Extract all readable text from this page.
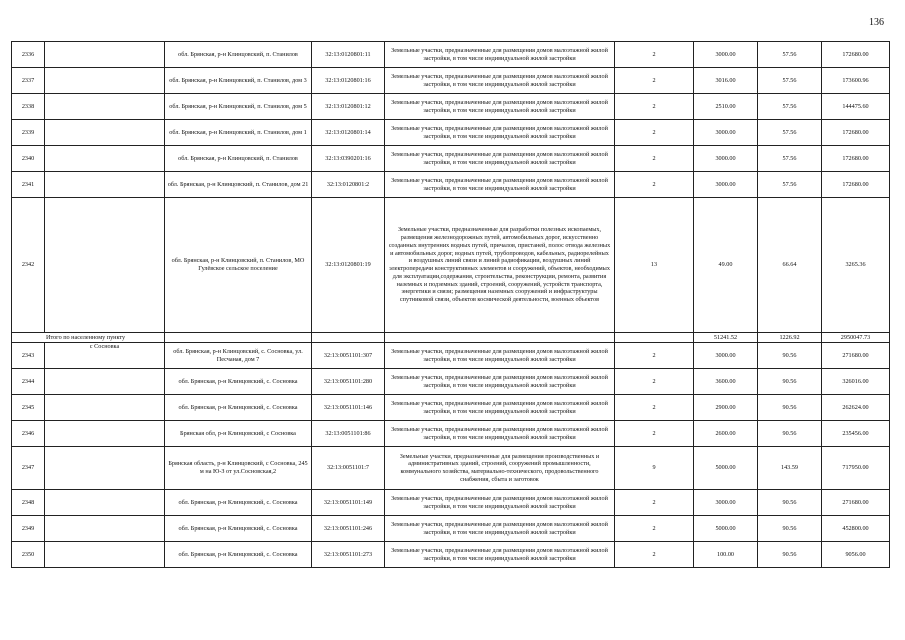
136
2336		обл. Брянская, р-н Клинцовский, п. Станилов	32:13:0120801:11	Земельные участки, предназначенные для размещения домов малоэтажной жилой застройки, в том числе индивидуальной жилой застройки	2	3000.00	57.56	172680.00
2337		обл. Брянская, р-н Клинцовский, п. Станилов, дом 3	32:13:0120801:16	Земельные участки, предназначенные для размещения домов малоэтажной жилой застройки, в том числе индивидуальной жилой застройки	2	3016.00	57.56	173600.96
2338		обл. Брянская, р-н Клинцовский, п. Станилов, дом 5	32:13:0120801:12	Земельные участки, предназначенные для размещения домов малоэтажной жилой застройки, в том числе индивидуальной жилой застройки	2	2510.00	57.56	144475.60
2339		обл. Брянская, р-н Клинцовский, п. Станилов, дом 1	32:13:0120801:14	Земельные участки, предназначенные для размещения домов малоэтажной жилой застройки, в том числе индивидуальной жилой застройки	2	3000.00	57.56	172680.00
2340		обл. Брянская, р-н Клинцовский, п. Станилов	32:13:0390201:16	Земельные участки, предназначенные для размещения домов малоэтажной жилой застройки, в том числе индивидуальной жилой застройки	2	3000.00	57.56	172680.00
2341		обл. Брянская, р-н Клинцовский, п. Станилов, дом 21	32:13:0120801:2	Земельные участки, предназначенные для размещения домов малоэтажной жилой застройки, в том числе индивидуальной жилой застройки	2	3000.00	57.56	172680.00
2342		обл. Брянская, р-н Клинцовский, п. Станилов, МО Гулёвское сельское поселение	32:13:0120801:19	Земельные участки, предназначенные для разработки полезных ископаемых, размещения железнодорожных путей, автомобильных дорог, искусственно созданных внутренних водных путей, причалов, пристаней, полос отвода железных и автомобильных дорог, водных путей, трубопроводов, кабельных, радиорелейных и воздушных линий связи и линий радиофикации, воздушных линий электропередачи конструктивных элементов и сооружений, объектов, необходимых для эксплуатации,содержания, строительства, реконструкции, ремонта, развития наземных и подземных зданий, строений, сооружений, устройств транспорта, энергетики и связи; размещения наземных сооружений и инфраструктуры спутниковой связи, объектов космической деятельности, военных объектов	13	49.00	66.64	3265.36
Итого по населенному пункту						51241.52	1226.92	2950047.73
2343	с Сосновка	обл. Брянская, р-н Клинцовский, с. Сосновка, ул. Песчаная, дом 7	32:13:0051101:307	Земельные участки, предназначенные для размещения домов малоэтажной жилой застройки, в том числе индивидуальной жилой застройки	2	3000.00	90.56	271680.00
2344		обл. Брянская, р-н Клинцовский, с. Сосновка	32:13:0051101:280	Земельные участки, предназначенные для размещения домов малоэтажной жилой застройки, в том числе индивидуальной жилой застройки	2	3600.00	90.56	326016.00
2345		обл. Брянская, р-н Клинцовский, с. Сосновка	32:13:0051101:146	Земельные участки, предназначенные для размещения домов малоэтажной жилой застройки, в том числе индивидуальной жилой застройки	2	2900.00	90.56	262624.00
2346		Брянская обл, р-н Клинцовский, с Сосновка	32:13:0051101:86	Земельные участки, предназначенные для размещения домов малоэтажной жилой застройки, в том числе индивидуальной жилой застройки	2	2600.00	90.56	235456.00
2347		Брянская область, р-н Клинцовский, с Сосновка, 245 м на Ю-З от ул.Сосновская,2	32:13:0051101:7	Земельные участки, предназначенные для размещения производственных и административных зданий, строений, сооружений промышленности, коммунального хозяйства, материально-технического, продовольственного снабжения, сбыта и заготовок	9	5000.00	143.59	717950.00
2348		обл. Брянская, р-н Клинцовский, с. Сосновка	32:13:0051101:149	Земельные участки, предназначенные для размещения домов малоэтажной жилой застройки, в том числе индивидуальной жилой застройки	2	3000.00	90.56	271680.00
2349		обл. Брянская, р-н Клинцовский, с. Сосновка	32:13:0051101:246	Земельные участки, предназначенные для размещения домов малоэтажной жилой застройки, в том числе индивидуальной жилой застройки	2	5000.00	90.56	452800.00
2350		обл. Брянская, р-н Клинцовский, с. Сосновка	32:13:0051101:273	Земельные участки, предназначенные для размещения домов малоэтажной жилой застройки, в том числе индивидуальной жилой застройки	2	100.00	90.56	9056.00
